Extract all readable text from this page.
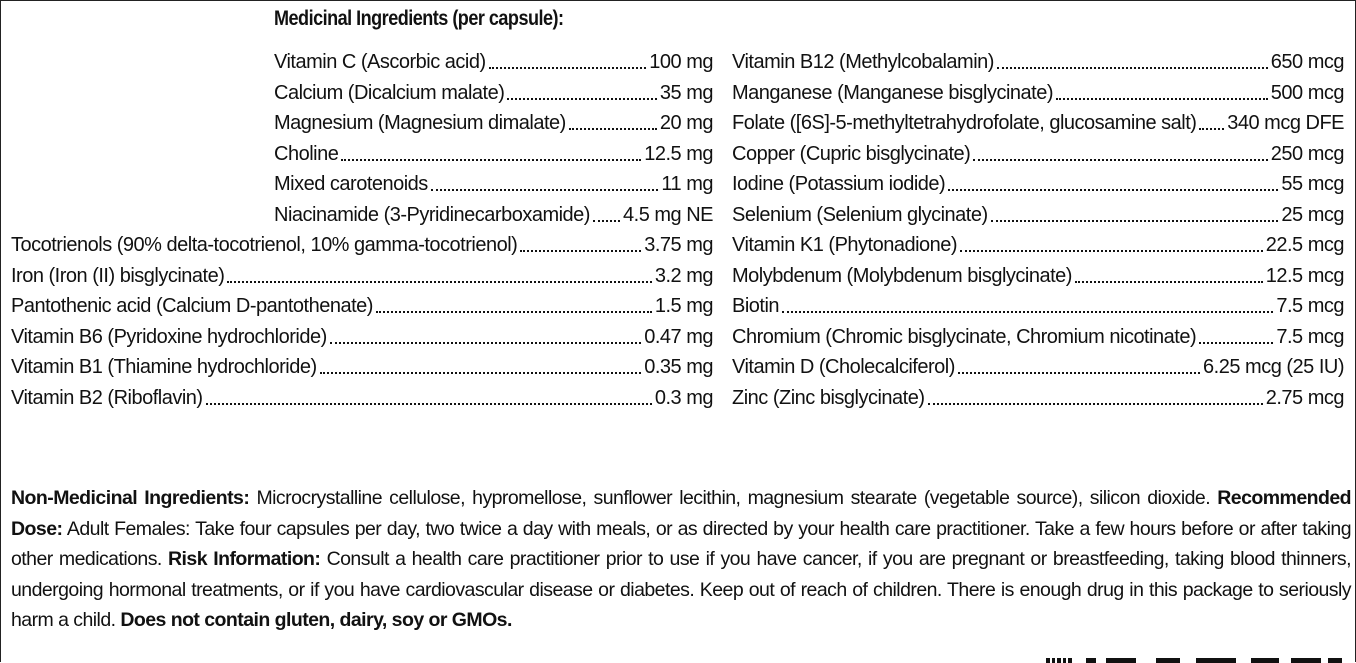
Medicinal Ingredients (per capsule):
Vitamin C (Ascorbic acid)	100 mg
Calcium (Dicalcium malate)	35 mg
Magnesium (Magnesium dimalate)	20 mg
Choline	12.5 mg
Mixed carotenoids	11 mg
Niacinamide (3-Pyridinecarboxamide) 4.5 mg NE
Tocotrienols (90% delta-tocotrienol, 10% gamma-tocotrienol)	3.75 mg
Iron (Iron (II) bisglycinate)	3.2 mg
Pantothenic acid (Calcium D-pantothenate)	1.5 mg
Vitamin B6 (Pyridoxine hydrochloride)	0.47 mg
Vitamin B1 (Thiamine hydrochloride)	0.35 mg
Vitamin B2 (Riboflavin)	0.3 mg
Vitamin B12 (Methylcobalamin)	650 mcg
Manganese (Manganese bisglycinate)	500 mcg
Folate ([6S]-5-methyltetrahydrofolate, glucosamine salt) 340 mcg DFE
Copper (Cupric bisglycinate)	250 mcg
Iodine (Potassium iodide)	55 mcg
Selenium (Selenium glycinate)	25 mcg
Vitamin K1 (Phytonadione)	22.5 mcg
Molybdenum (Molybdenum bisglycinate)	12.5 mcg
Biotin	7.5 mcg
Chromium (Chromic bisglycinate, Chromium nicotinate)	7.5 mcg
Vitamin D (Cholecalciferol)	6.25 mcg (25 IU)
Zinc (Zinc bisglycinate)	2.75 mcg
Non-Medicinal Ingredients: Microcrystalline cellulose, hypromellose, sunflower lecithin, magnesium stearate (vegetable source), silicon dioxide. Recommended Dose: Adult Females: Take four capsules per day, two twice a day with meals, or as directed by your health care practitioner. Take a few hours before or after taking other medications. Risk Information: Consult a health care practitioner prior to use if you have cancer, if you are pregnant or breastfeeding, taking blood thinners, undergoing hormonal treatments, or if you have cardiovascular disease or diabetes. Keep out of reach of children. There is enough drug in this package to seriously harm a child. Does not contain gluten, dairy, soy or GMOs.
